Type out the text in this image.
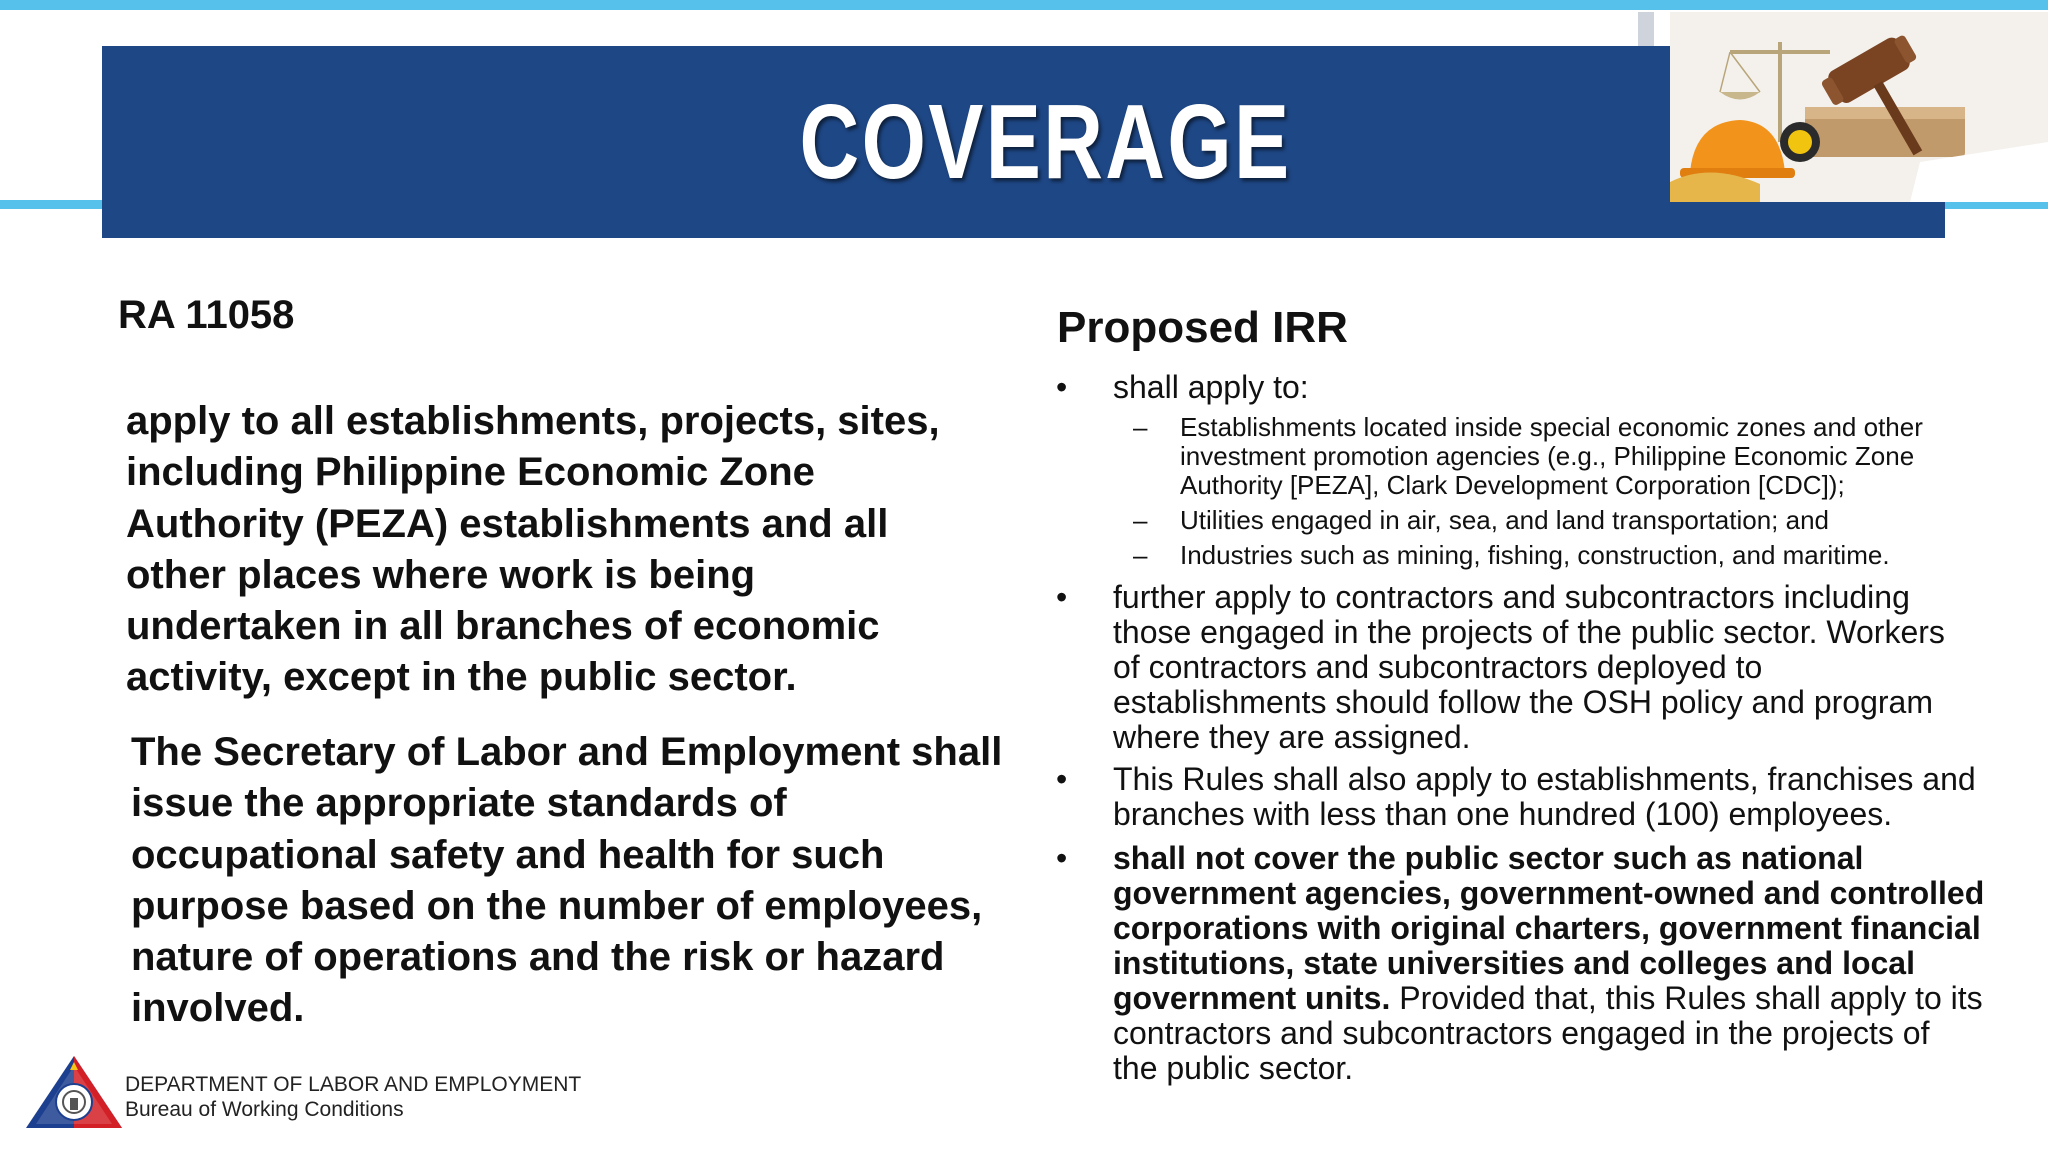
COVERAGE
RA 11058
apply to all establishments, projects, sites,
including Philippine Economic Zone
Authority (PEZA) establishments and all
other places where work is being
undertaken in all branches of economic
activity, except in the public sector.
The Secretary of Labor and Employment shall
issue the appropriate standards of
occupational safety and health for such
purpose based on the number of employees,
nature of operations and the risk or hazard
involved.
Proposed IRR
• shall apply to:
– Establishments located inside special economic zones and other
investment promotion agencies (e.g., Philippine Economic Zone
Authority [PEZA], Clark Development Corporation [CDC]);
– Utilities engaged in air, sea, and land transportation; and
– Industries such as mining, fishing, construction, and maritime.
• further apply to contractors and subcontractors including
those engaged in the projects of the public sector. Workers
of contractors and subcontractors deployed to
establishments should follow the OSH policy and program
where they are assigned.
• This Rules shall also apply to establishments, franchises and
branches with less than one hundred (100) employees.
• shall not cover the public sector such as national
government agencies, government-owned and controlled
corporations with original charters, government financial
institutions, state universities and colleges and local
government units. Provided that, this Rules shall apply to its
contractors and subcontractors engaged in the projects of
the public sector.
DEPARTMENT OF LABOR AND EMPLOYMENT
Bureau of Working Conditions
